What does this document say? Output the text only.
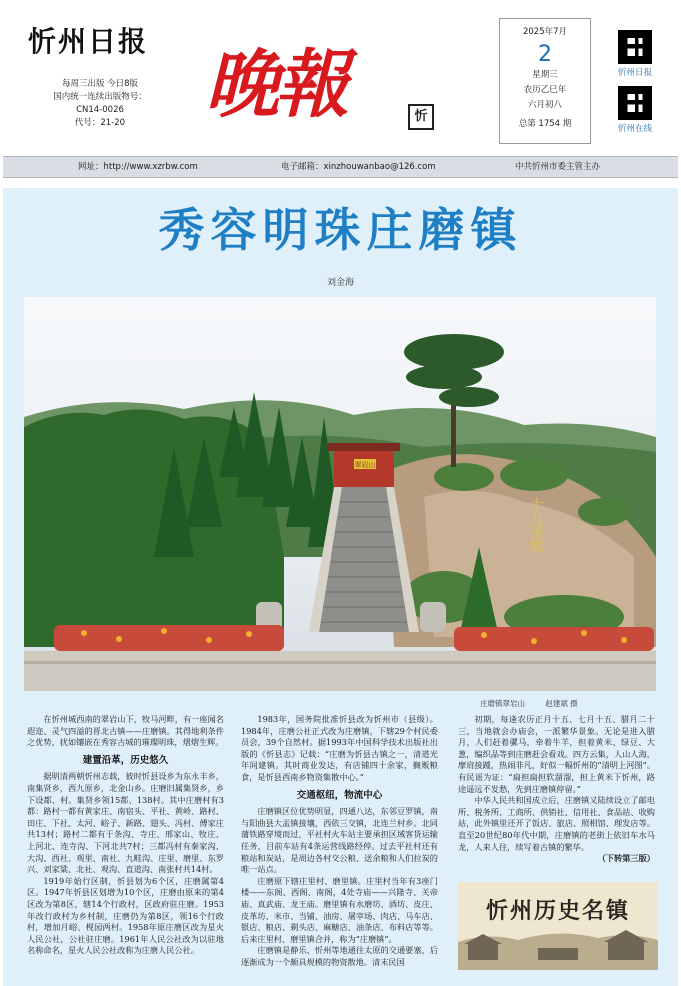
忻州日报
每周三出版 今日8版
国内统一连续出版物号：
CN14-0026
代号：21-20	晚報	忻
2025年7月
2
星期三
农历乙巳年
六月初八
总第 1754 期
忻州日报
忻州在线
网址：http://www.xzrbw.com	电子邮箱：xinzhouwanbao@126.com	中共忻州市委主管主办
秀容明珠庄磨镇
刘金海
翠岩山
十九圣境
庄磨镇翠岩山	赵建斌 摄

在忻州城西南的翠岩山下，牧马河畔，有一座闻名遐迩、灵气四溢的晋北古镇——庄磨镇。其得地利条件之优势，扰如镶嵌在秀容古城的璀璨明珠，熠熠生辉。

建置沿革，历史悠久

据明清两朝忻州志载，彼时忻县设乡为东永丰乡，南集贤乡，西九原乡，北金山乡。庄磨旧属集贤乡，乡下设都、村。集贤乡领15都、138村。其中庄磨村有3都：路村一都有黄家庄、南宿头、平社、黄岭、路村、田庄、下社、太河、峪子、新路、翅头、冯村、傅家庄共13村；路村二都有于条沟、寺庄、邢家山、牧庄、上河北、连寺沟、下河北共7村；三都冯村有秦家沟、大沟、西社、观里、南社、九畦沟、庄里、磨里、东罗兴、刘家粱、北社、观沟、直道沟、南张村共14村。

1919年始行区制，忻县划为6个区，庄磨属第4区。1947年忻县区划增为10个区，庄磨由原来的第4区改为第8区，辖14个行政村，区政府驻庄磨。1953年改行政村为乡村制，庄磨仍为第8区，领16个行政村，增加月峪、枧园两村。1958年原庄磨区改为星火人民公社，公社驻庄磨。1961年人民公社改为以驻地名称命名，星火人民公社改称为庄磨人民公社。

1983年，国务院批准忻县改为忻州市（县级）。1984年，庄磨公社正式改为庄磨镇，下辖29个村民委员会，39个自然村。据1993年中国科学技术出版社出版的《忻县志》记载：“庄磨为忻县古镇之一，清道光年间建镇。其时商业发达，有店铺四十余家，搁贩粮食，是忻县西南乡物资集散中心。”

交通枢纽，物流中心

庄磨镇区位优势明显，四通八达，东邻豆罗镇，南与阳曲县大盂镇接壤，西依三交镇，北连兰村乡。北同蒲铁路穿境而过，平社村火车站主要承担区域客货运输任务，目前车站有4条运营线路经停。过去平社村还有粮站和炭站，是周边各村交公粮、送余粮和人们拉炭的唯一站点。

庄磨原下辖庄里村、磨里镇。庄里村当年有3座门楼——东阁、西阁、南阁，4处寺庙——兴隆寺、关帝庙、真武庙、龙王庙。磨里镇有水磨坊、酒坊、皮庄、皮革坊、米市、当铺、油房、屠宰场、肉店、马车店、银店、粮店、剃头店、麻糖店、油条店、布料店等等。后来庄里村、磨里镇合并，称为“庄磨镇”。

庄磨镇是静乐、忻州等地通往太原的交通要塞，后逐渐成为一个颇具规模的物资散地。清末民国

初期，每逢农历正月十五、七月十五、腊月二十三，当地就会办庙会，一派繁华景象。无论是进入腊月，人们赶着骡马，牵着牛羊，担着黄米、绿豆、大葱，编织品等到庄磨赶会看戏。四方云集，人山人海，摩肩接踵，热闹非凡，好似一幅忻州的“清明上河图”。有民谣为证：“扁担扁担软溜溜，担上黄米下忻州，路途遥远不发愁，先到庄磨镇停留。”

中华人民共和国成立后，庄磨镇又陆续设立了邮电所、税务所、工商所、供销社、信用社、食品站、收购站，此外镇里还开了饭店、旅店、照相馆、理发店等。直至20世纪80年代中期，庄磨镇的老街上依旧车水马龙，人来人往，续写着古镇的繁华。

（下转第三版）

忻州历史名镇
